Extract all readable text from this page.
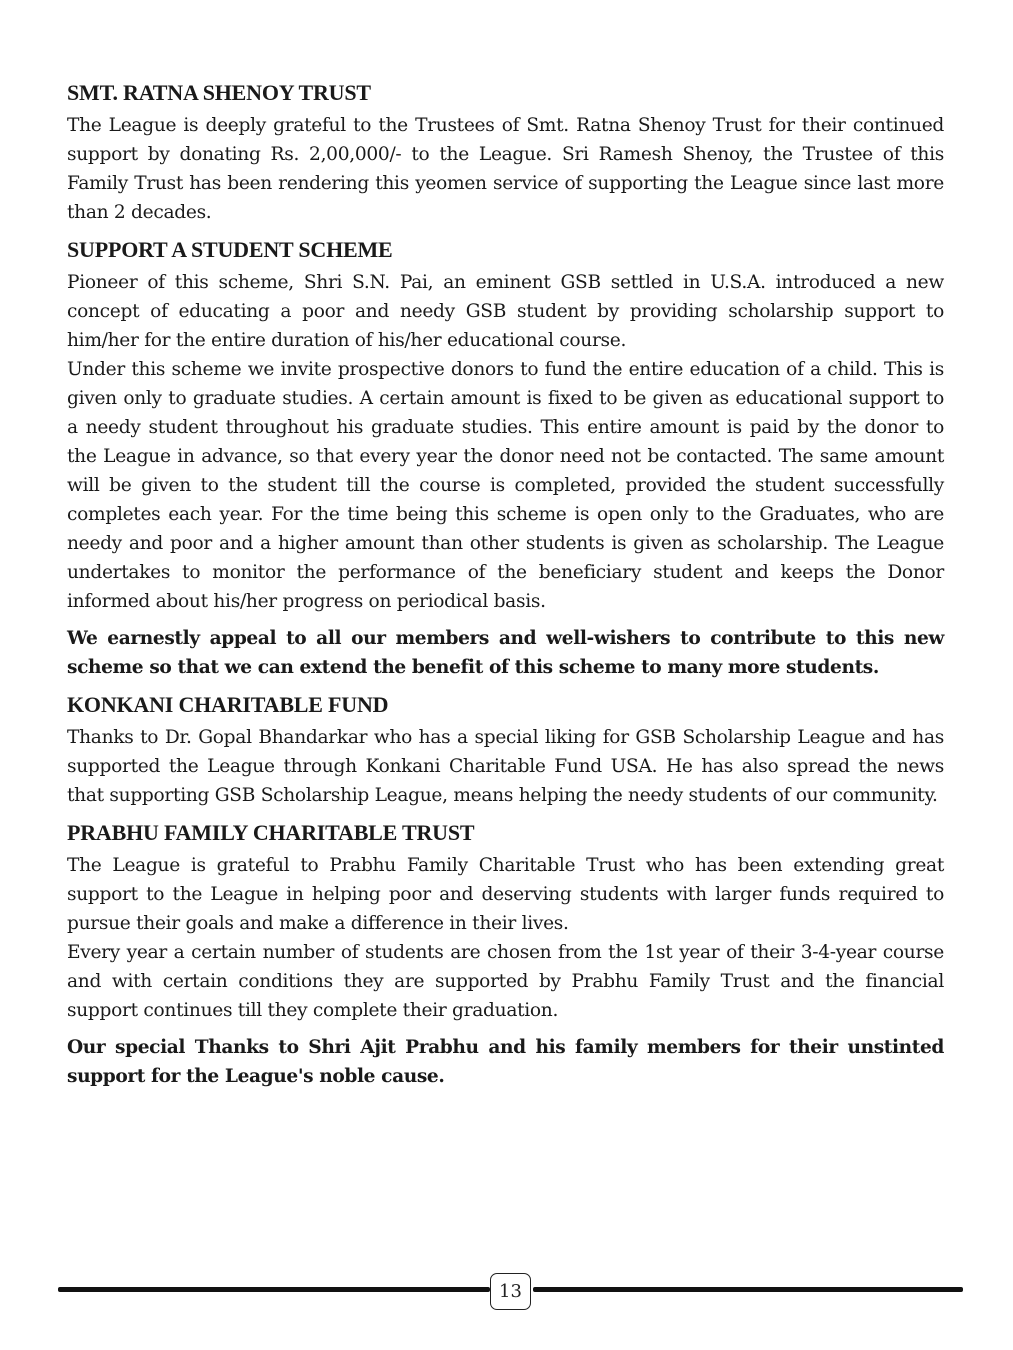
SMT. RATNA SHENOY TRUST

The League is deeply grateful to the Trustees of Smt. Ratna Shenoy Trust for their continued support by donating Rs. 2,00,000/- to the League. Sri Ramesh Shenoy, the Trustee of this Family Trust has been rendering this yeomen service of supporting the League since last more than 2 decades.

SUPPORT A STUDENT SCHEME

Pioneer of this scheme, Shri S.N. Pai, an eminent GSB settled in U.S.A. introduced a new concept of educating a poor and needy GSB student by providing scholarship support to him/her for the entire duration of his/her educational course.

Under this scheme we invite prospective donors to fund the entire education of a child. This is given only to graduate studies. A certain amount is fixed to be given as educational support to a needy student throughout his graduate studies. This entire amount is paid by the donor to the League in advance, so that every year the donor need not be contacted. The same amount will be given to the student till the course is completed, provided the student successfully completes each year. For the time being this scheme is open only to the Graduates, who are needy and poor and a higher amount than other students is given as scholarship. The League undertakes to monitor the performance of the beneficiary student and keeps the Donor informed about his/her progress on periodical basis.

We earnestly appeal to all our members and well-wishers to contribute to this new scheme so that we can extend the benefit of this scheme to many more students.

KONKANI CHARITABLE FUND

Thanks to Dr. Gopal Bhandarkar who has a special liking for GSB Scholarship League and has supported the League through Konkani Charitable Fund USA. He has also spread the news that supporting GSB Scholarship League, means helping the needy students of our community.

PRABHU FAMILY CHARITABLE TRUST

The League is grateful to Prabhu Family Charitable Trust who has been extending great support to the League in helping poor and deserving students with larger funds required to pursue their goals and make a difference in their lives.

Every year a certain number of students are chosen from the 1st year of their 3-4-year course and with certain conditions they are supported by Prabhu Family Trust and the financial support continues till they complete their graduation.

Our special Thanks to Shri Ajit Prabhu and his family members for their unstinted support for the League's noble cause.

13
